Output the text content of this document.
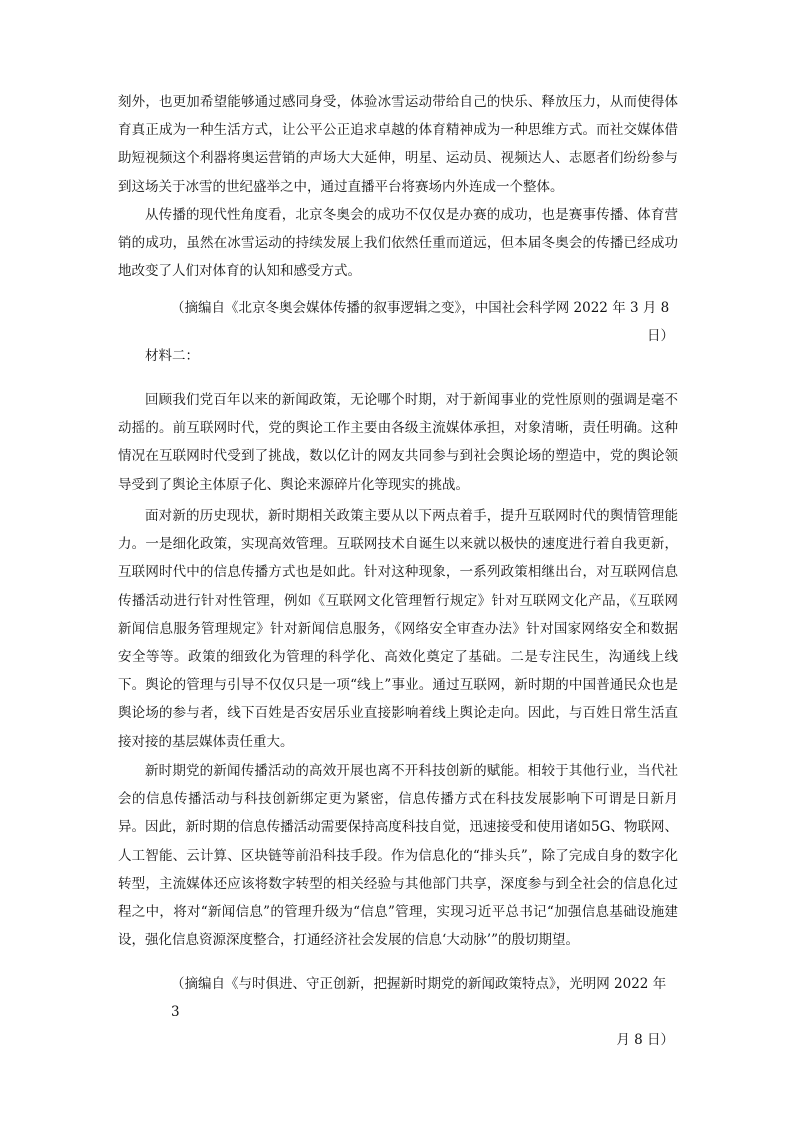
刻外，也更加希望能够通过感同身受，体验冰雪运动带给自己的快乐、释放压力，从而使得体育真正成为一种生活方式，让公平公正追求卓越的体育精神成为一种思维方式。而社交媒体借助短视频这个利器将奥运营销的声场大大延伸，明星、运动员、视频达人、志愿者们纷纷参与到这场关于冰雪的世纪盛举之中，通过直播平台将赛场内外连成一个整体。

从传播的现代性角度看，北京冬奥会的成功不仅仅是办赛的成功，也是赛事传播、体育营销的成功，虽然在冰雪运动的持续发展上我们依然任重而道远，但本届冬奥会的传播已经成功地改变了人们对体育的认知和感受方式。

（摘编自《北京冬奥会媒体传播的叙事逻辑之变》，中国社会科学网 2022 年 3 月 8
日）

材料二：

回顾我们党百年以来的新闻政策，无论哪个时期，对于新闻事业的党性原则的强调是毫不动摇的。前互联网时代，党的舆论工作主要由各级主流媒体承担，对象清晰，责任明确。这种情况在互联网时代受到了挑战，数以亿计的网友共同参与到社会舆论场的塑造中，党的舆论领导受到了舆论主体原子化、舆论来源碎片化等现实的挑战。

面对新的历史现状，新时期相关政策主要从以下两点着手，提升互联网时代的舆情管理能力。一是细化政策，实现高效管理。互联网技术自诞生以来就以极快的速度进行着自我更新，互联网时代中的信息传播方式也是如此。针对这种现象，一系列政策相继出台，对互联网信息传播活动进行针对性管理，例如《互联网文化管理暂行规定》针对互联网文化产品，《互联网新闻信息服务管理规定》针对新闻信息服务，《网络安全审查办法》针对国家网络安全和数据安全等等。政策的细致化为管理的科学化、高效化奠定了基础。二是专注民生，沟通线上线下。舆论的管理与引导不仅仅只是一项“线上”事业。通过互联网，新时期的中国普通民众也是舆论场的参与者，线下百姓是否安居乐业直接影响着线上舆论走向。因此，与百姓日常生活直接对接的基层媒体责任重大。

新时期党的新闻传播活动的高效开展也离不开科技创新的赋能。相较于其他行业，当代社会的信息传播活动与科技创新绑定更为紧密，信息传播方式在科技发展影响下可谓是日新月异。因此，新时期的信息传播活动需要保持高度科技自觉，迅速接受和使用诸如5G、物联网、人工智能、云计算、区块链等前沿科技手段。作为信息化的“排头兵”，除了完成自身的数字化转型，主流媒体还应该将数字转型的相关经验与其他部门共享，深度参与到全社会的信息化过程之中，将对“新闻信息”的管理升级为“信息”管理，实现习近平总书记“加强信息基础设施建设，强化信息资源深度整合，打通经济社会发展的信息‘大动脉’”的殷切期望。

（摘编自《与时俱进、守正创新，把握新时期党的新闻政策特点》，光明网 2022 年 3
月 8 日）
